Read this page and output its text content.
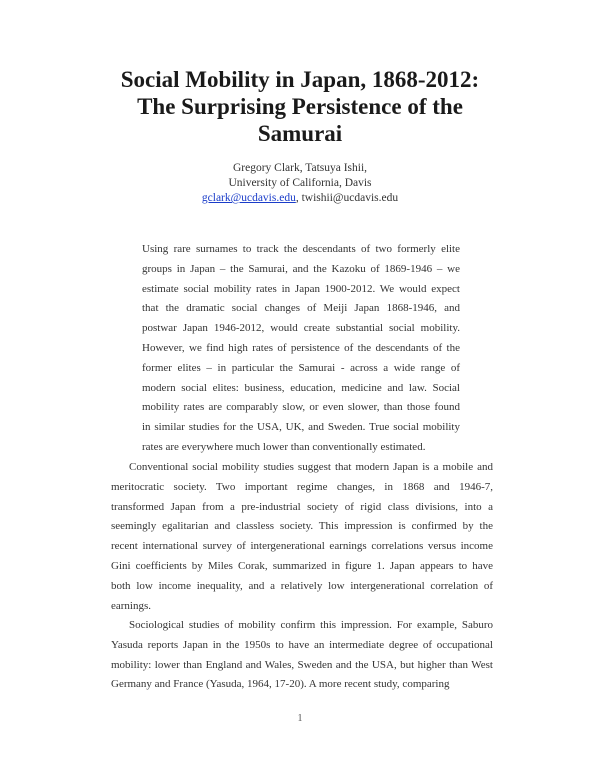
Social Mobility in Japan, 1868-2012:
The Surprising Persistence of the
Samurai
Gregory Clark, Tatsuya Ishii,
University of California, Davis
gclark@ucdavis.edu, twishii@ucdavis.edu
Using rare surnames to track the descendants of two formerly elite
groups in Japan – the Samurai, and the Kazoku of 1869-1946 – we
estimate social mobility rates in Japan 1900-2012. We would expect
that the dramatic social changes of Meiji Japan 1868-1946, and
postwar Japan 1946-2012, would create substantial social mobility.
However, we find high rates of persistence of the descendants of the
former elites – in particular the Samurai - across a wide range of
modern social elites: business, education, medicine and law. Social
mobility rates are comparably slow, or even slower, than those found
in similar studies for the USA, UK, and Sweden. True social mobility
rates are everywhere much lower than conventionally estimated.
Conventional social mobility studies suggest that modern Japan is a mobile and
meritocratic society. Two important regime changes, in 1868 and 1946-7,
transformed Japan from a pre-industrial society of rigid class divisions, into a
seemingly egalitarian and classless society. This impression is confirmed by the
recent international survey of intergenerational earnings correlations versus income
Gini coefficients by Miles Corak, summarized in figure 1. Japan appears to have
both low income inequality, and a relatively low intergenerational correlation of
earnings.
Sociological studies of mobility confirm this impression. For example, Saburo
Yasuda reports Japan in the 1950s to have an intermediate degree of occupational
mobility: lower than England and Wales, Sweden and the USA, but higher than West
Germany and France (Yasuda, 1964, 17-20). A more recent study, comparing
1
